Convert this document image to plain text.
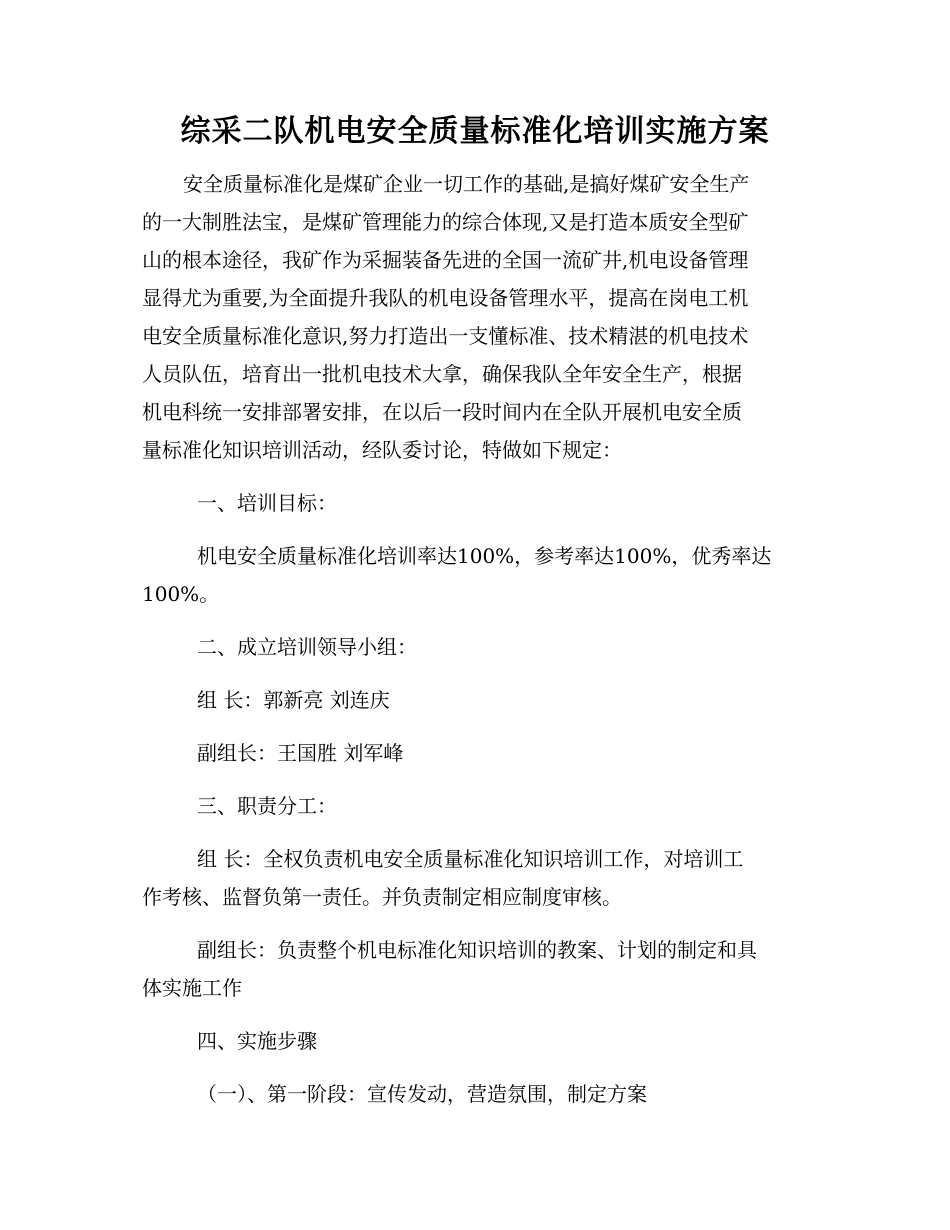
综采二队机电安全质量标准化培训实施方案

安全质量标准化是煤矿企业一切工作的基础,是搞好煤矿安全生产

的一大制胜法宝，是煤矿管理能力的综合体现,又是打造本质安全型矿

山的根本途径，我矿作为采掘装备先进的全国一流矿井,机电设备管理

显得尤为重要,为全面提升我队的机电设备管理水平，提高在岗电工机

电安全质量标准化意识,努力打造出一支懂标准、技术精湛的机电技术

人员队伍，培育出一批机电技术大拿，确保我队全年安全生产，根据

机电科统一安排部署安排，在以后一段时间内在全队开展机电安全质

量标准化知识培训活动，经队委讨论，特做如下规定：

一、培训目标：

机电安全质量标准化培训率达100%，参考率达100%，优秀率达

100%。

二、成立培训领导小组：

组 长：郭新亮 刘连庆

副组长：王国胜 刘军峰

三、职责分工：

组 长：全权负责机电安全质量标准化知识培训工作，对培训工

作考核、监督负第一责任。并负责制定相应制度审核。

副组长：负责整个机电标准化知识培训的教案、计划的制定和具

体实施工作

四、实施步骤

（一）、第一阶段：宣传发动，营造氛围，制定方案
